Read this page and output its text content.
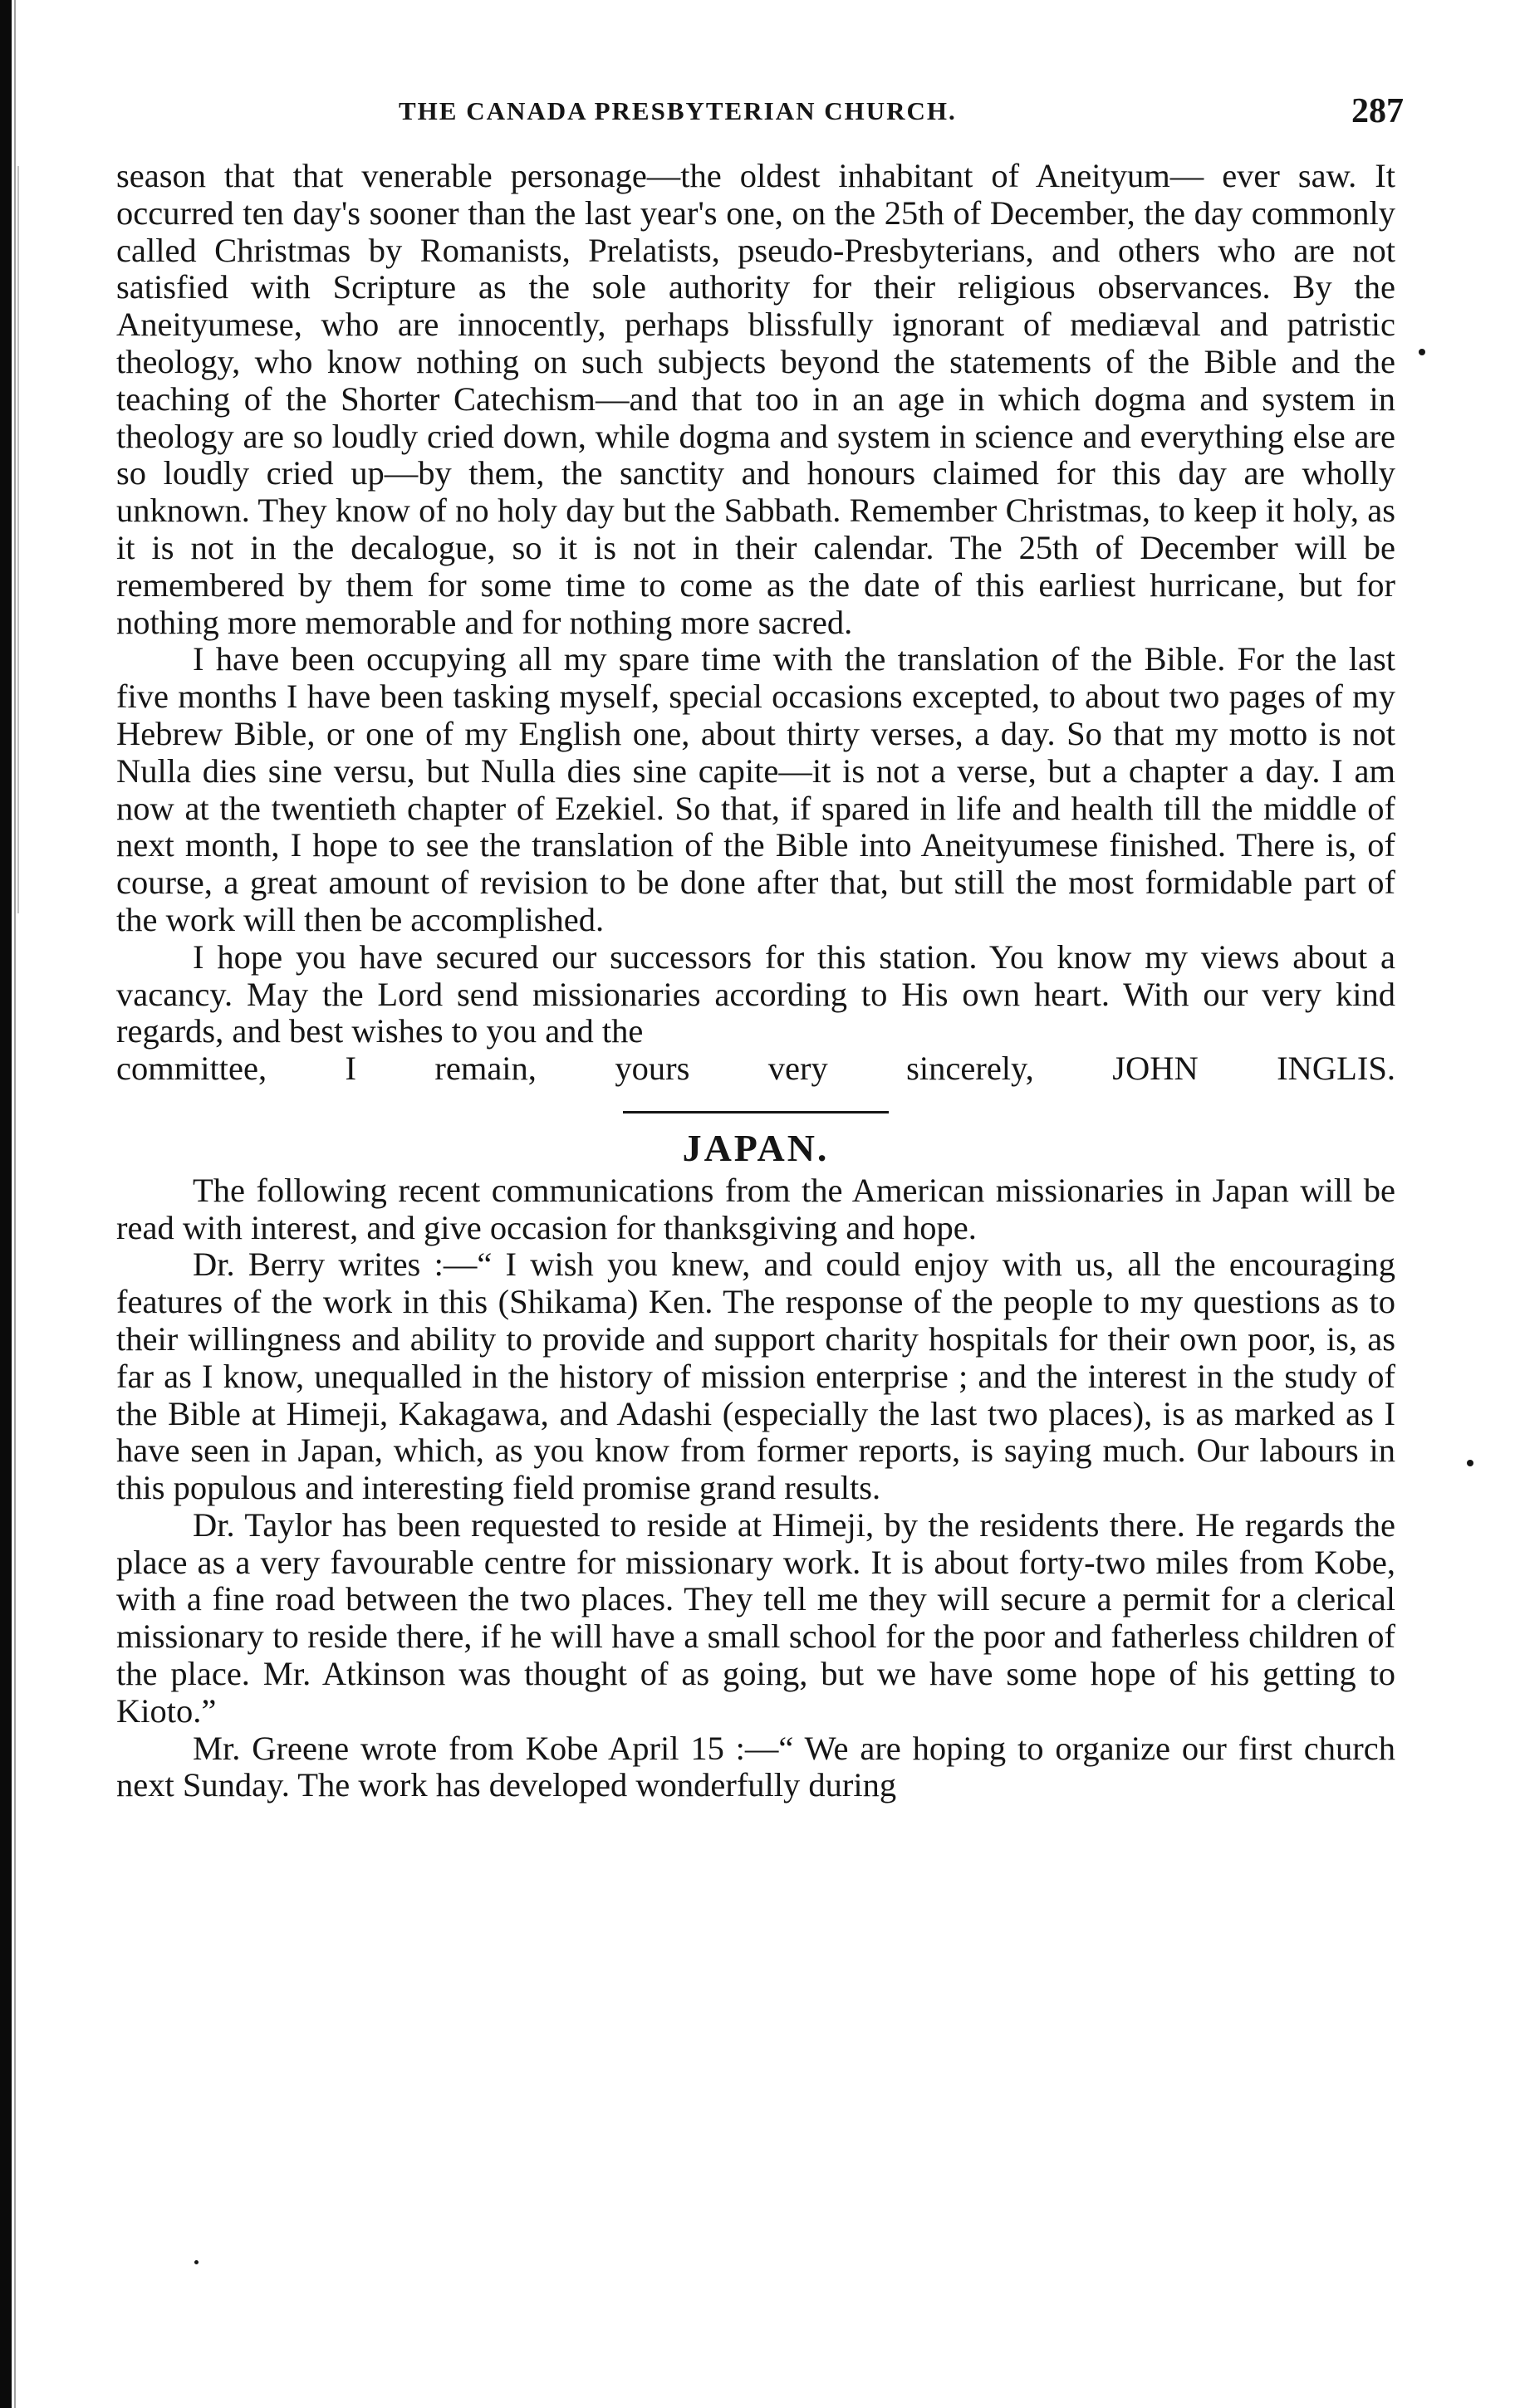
THE CANADA PRESBYTERIAN CHURCH.	287

season that that venerable personage—the oldest inhabitant of Aneityum— ever saw. It occurred ten day's sooner than the last year's one, on the 25th of December, the day commonly called Christmas by Romanists, Prelatists, pseudo-Presbyterians, and others who are not satisfied with Scripture as the sole authority for their religious observances. By the Aneityumese, who are innocently, perhaps blissfully ignorant of mediæval and patristic theology, who know nothing on such subjects beyond the statements of the Bible and the teaching of the Shorter Catechism—and that too in an age in which dogma and system in theology are so loudly cried down, while dogma and system in science and everything else are so loudly cried up—by them, the sanctity and honours claimed for this day are wholly unknown. They know of no holy day but the Sabbath. Remember Christmas, to keep it holy, as it is not in the decalogue, so it is not in their calendar. The 25th of December will be remembered by them for some time to come as the date of this earliest hurricane, but for nothing more memorable and for nothing more sacred.

I have been occupying all my spare time with the translation of the Bible. For the last five months I have been tasking myself, special occasions excepted, to about two pages of my Hebrew Bible, or one of my English one, about thirty verses, a day. So that my motto is not Nulla dies sine versu, but Nulla dies sine capite—it is not a verse, but a chapter a day. I am now at the twentieth chapter of Ezekiel. So that, if spared in life and health till the middle of next month, I hope to see the translation of the Bible into Aneityumese finished. There is, of course, a great amount of revision to be done after that, but still the most formidable part of the work will then be accomplished.

I hope you have secured our successors for this station. You know my views about a vacancy. May the Lord send missionaries according to His own heart. With our very kind regards, and best wishes to you and the

committee, I remain, yours very sincerely, JOHN INGLIS.

JAPAN.

The following recent communications from the American missionaries in Japan will be read with interest, and give occasion for thanksgiving and hope.

Dr. Berry writes :—“ I wish you knew, and could enjoy with us, all the encouraging features of the work in this (Shikama) Ken. The response of the people to my questions as to their willingness and ability to provide and support charity hospitals for their own poor, is, as far as I know, unequalled in the history of mission enterprise ; and the interest in the study of the Bible at Himeji, Kakagawa, and Adashi (especially the last two places), is as marked as I have seen in Japan, which, as you know from former reports, is saying much. Our labours in this populous and interesting field promise grand results.

Dr. Taylor has been requested to reside at Himeji, by the residents there. He regards the place as a very favourable centre for missionary work. It is about forty-two miles from Kobe, with a fine road between the two places. They tell me they will secure a permit for a clerical missionary to reside there, if he will have a small school for the poor and fatherless children of the place. Mr. Atkinson was thought of as going, but we have some hope of his getting to Kioto.”

Mr. Greene wrote from Kobe April 15 :—“ We are hoping to organize our first church next Sunday. The work has developed wonderfully during
